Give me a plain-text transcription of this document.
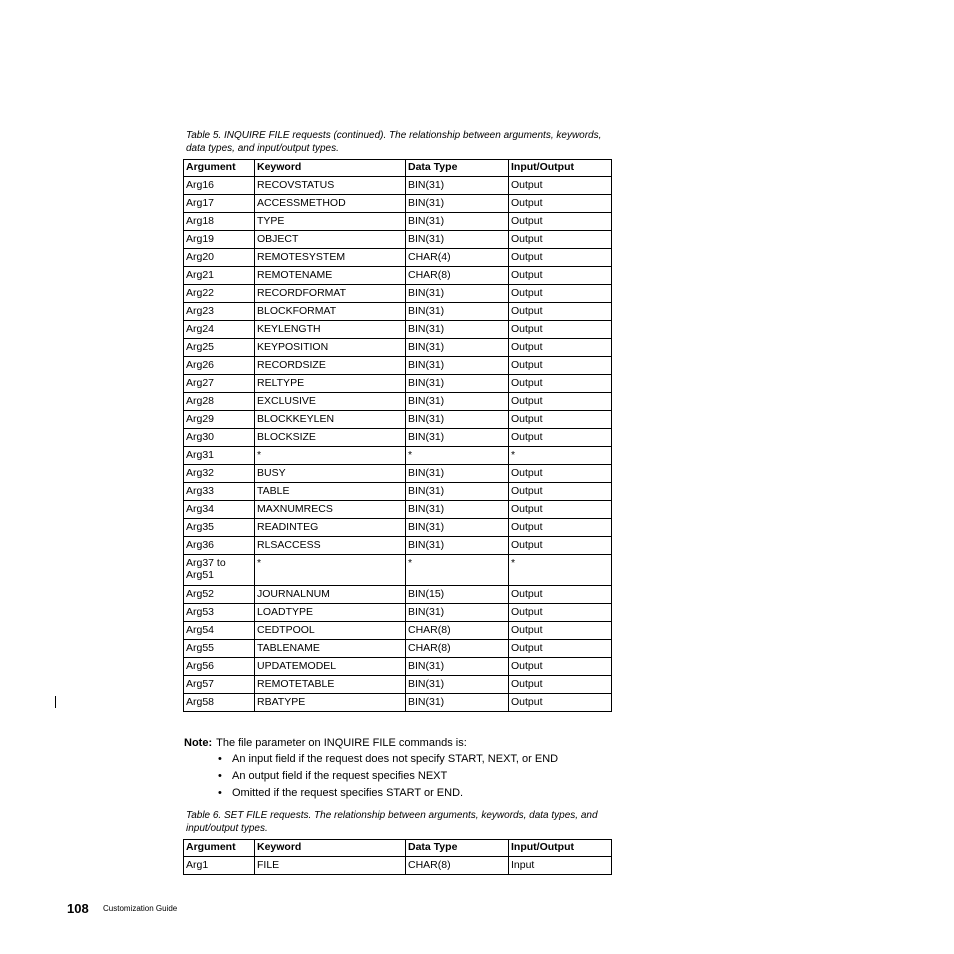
Table 5. INQUIRE FILE requests (continued). The relationship between arguments, keywords, data types, and input/output types.
Argument	Keyword	Data Type	Input/Output
Arg16	RECOVSTATUS	BIN(31)	Output
Arg17	ACCESSMETHOD	BIN(31)	Output
Arg18	TYPE	BIN(31)	Output
Arg19	OBJECT	BIN(31)	Output
Arg20	REMOTESYSTEM	CHAR(4)	Output
Arg21	REMOTENAME	CHAR(8)	Output
Arg22	RECORDFORMAT	BIN(31)	Output
Arg23	BLOCKFORMAT	BIN(31)	Output
Arg24	KEYLENGTH	BIN(31)	Output
Arg25	KEYPOSITION	BIN(31)	Output
Arg26	RECORDSIZE	BIN(31)	Output
Arg27	RELTYPE	BIN(31)	Output
Arg28	EXCLUSIVE	BIN(31)	Output
Arg29	BLOCKKEYLEN	BIN(31)	Output
Arg30	BLOCKSIZE	BIN(31)	Output
Arg31	*	*	*
Arg32	BUSY	BIN(31)	Output
Arg33	TABLE	BIN(31)	Output
Arg34	MAXNUMRECS	BIN(31)	Output
Arg35	READINTEG	BIN(31)	Output
Arg36	RLSACCESS	BIN(31)	Output
Arg37 to Arg51	*	*	*
Arg52	JOURNALNUM	BIN(15)	Output
Arg53	LOADTYPE	BIN(31)	Output
Arg54	CEDTPOOL	CHAR(8)	Output
Arg55	TABLENAME	CHAR(8)	Output
Arg56	UPDATEMODEL	BIN(31)	Output
Arg57	REMOTETABLE	BIN(31)	Output
Arg58	RBATYPE	BIN(31)	Output
Note: The file parameter on INQUIRE FILE commands is:
• An input field if the request does not specify START, NEXT, or END
• An output field if the request specifies NEXT
• Omitted if the request specifies START or END.
Table 6. SET FILE requests. The relationship between arguments, keywords, data types, and input/output types.
Argument	Keyword	Data Type	Input/Output
Arg1	FILE	CHAR(8)	Input
108 Customization Guide
